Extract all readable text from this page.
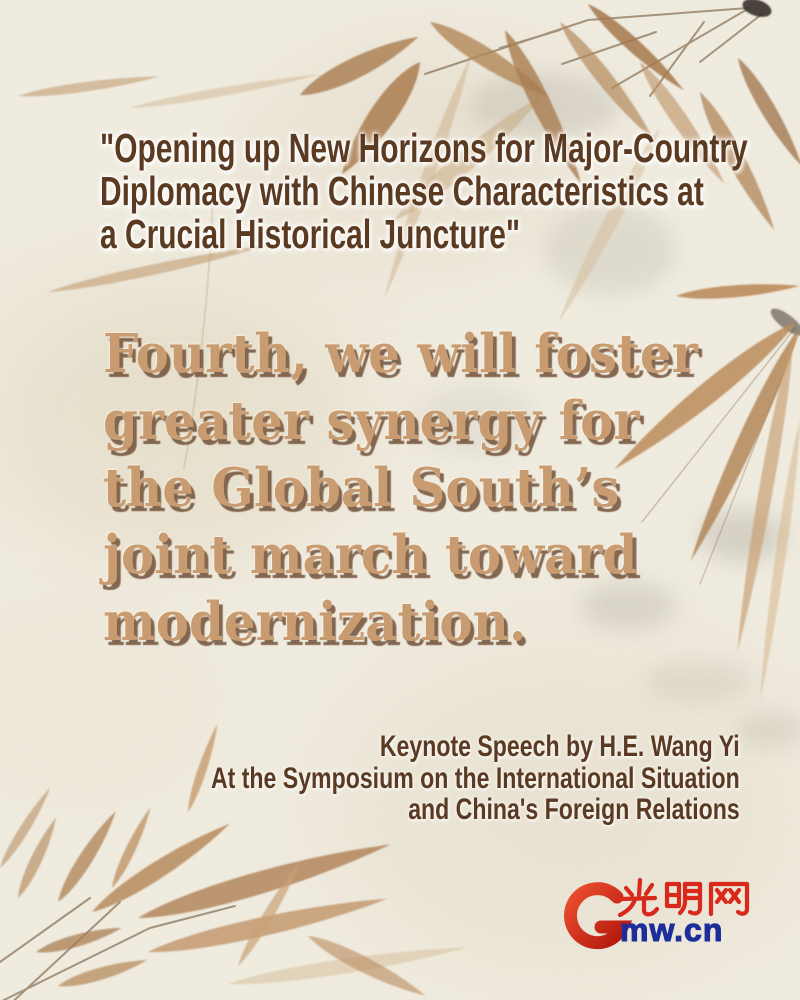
"Opening up New Horizons for Major-Country
Diplomacy with Chinese Characteristics at
a Crucial Historical Juncture"
Fourth, we will foster
greater synergy for
the Global South’s
joint march toward
modernization.
Keynote Speech by H.E. Wang Yi
At the Symposium on the International Situation
and China's Foreign Relations
mw.cn
